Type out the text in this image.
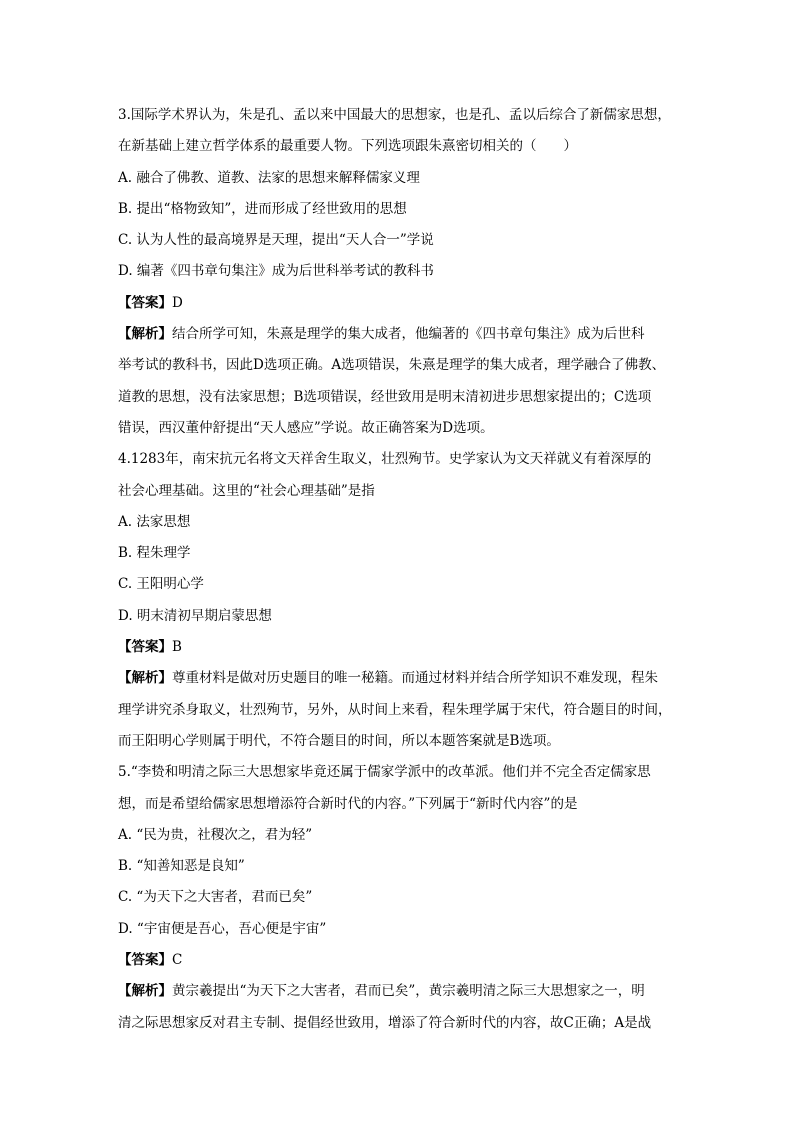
3.国际学术界认为，朱是孔、孟以来中国最大的思想家，也是孔、孟以后综合了新儒家思想，
在新基础上建立哲学体系的最重要人物。下列选项跟朱熹密切相关的（　　）
A. 融合了佛教、道教、法家的思想来解释儒家义理
B. 提出“格物致知”，进而形成了经世致用的思想
C. 认为人性的最高境界是天理，提出“天人合一”学说
D. 编著《四书章句集注》成为后世科举考试的教科书
【答案】D
【解析】结合所学可知，朱熹是理学的集大成者，他编著的《四书章句集注》成为后世科
举考试的教科书，因此D选项正确。A选项错误，朱熹是理学的集大成者，理学融合了佛教、
道教的思想，没有法家思想；B选项错误，经世致用是明末清初进步思想家提出的；C选项
错误，西汉董仲舒提出“天人感应”学说。故正确答案为D选项。
4.1283年，南宋抗元名将文天祥舍生取义，壮烈殉节。史学家认为文天祥就义有着深厚的
社会心理基础。这里的“社会心理基础”是指
A. 法家思想
B. 程朱理学
C. 王阳明心学
D. 明末清初早期启蒙思想
【答案】B
【解析】尊重材料是做对历史题目的唯一秘籍。而通过材料并结合所学知识不难发现，程朱
理学讲究杀身取义，壮烈殉节，另外，从时间上来看，程朱理学属于宋代，符合题目的时间，
而王阳明心学则属于明代，不符合题目的时间，所以本题答案就是B选项。
5.“李贽和明清之际三大思想家毕竟还属于儒家学派中的改革派。他们并不完全否定儒家思
想，而是希望给儒家思想增添符合新时代的内容。”下列属于“新时代内容”的是
A. “民为贵，社稷次之，君为轻”
B. “知善知恶是良知”
C. “为天下之大害者，君而已矣”
D. “宇宙便是吾心，吾心便是宇宙”
【答案】C
【解析】黄宗羲提出“为天下之大害者，君而已矣”，黄宗羲明清之际三大思想家之一，明
清之际思想家反对君主专制、提倡经世致用，增添了符合新时代的内容，故C正确；A是战
